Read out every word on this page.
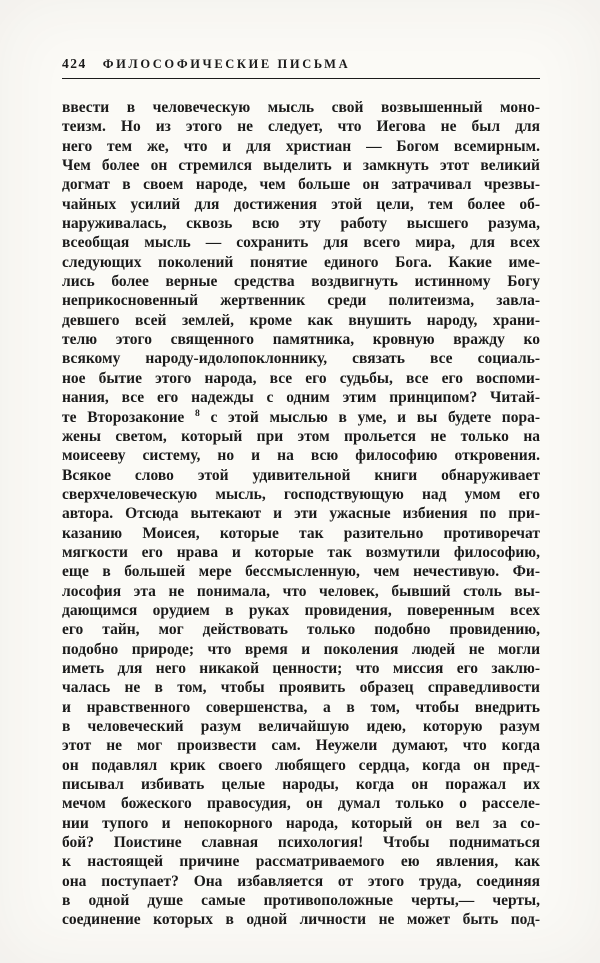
424 ФИЛОСОФИЧЕСКИЕ ПИСЬМА
ввести в человеческую мысль свой возвышенный моно-
теизм. Но из этого не следует, что Иегова не был для
него тем же, что и для христиан — Богом всемирным.
Чем более он стремился выделить и замкнуть этот великий
догмат в своем народе, чем больше он затрачивал чрезвы-
чайных усилий для достижения этой цели, тем более об-
наруживалась, сквозь всю эту работу высшего разума,
всеобщая мысль — сохранить для всего мира, для всех
следующих поколений понятие единого Бога. Какие име-
лись более верные средства воздвигнуть истинному Богу
неприкосновенный жертвенник среди политеизма, завла-
девшего всей землей, кроме как внушить народу, храни-
телю этого священного памятника, кровную вражду ко
всякому народу-идолопоклоннику, связать все социаль-
ное бытие этого народа, все его судьбы, все его воспоми-
нания, все его надежды с одним этим принципом? Читай-
те Второзаконие $^8$ с этой мыслью в уме, и вы будете пора-
жены светом, который при этом прольется не только на
моисееву систему, но и на всю философию откровения.
Всякое слово этой удивительной книги обнаруживает
сверхчеловеческую мысль, господствующую над умом его
автора. Отсюда вытекают и эти ужасные избиения по при-
казанию Моисея, которые так разительно противоречат
мягкости его нрава и которые так возмутили философию,
еще в большей мере бессмысленную, чем нечестивую. Фи-
лософия эта не понимала, что человек, бывший столь вы-
дающимся орудием в руках провидения, поверенным всех
его тайн, мог действовать только подобно провидению,
подобно природе; что время и поколения людей не могли
иметь для него никакой ценности; что миссия его заклю-
чалась не в том, чтобы проявить образец справедливости
и нравственного совершенства, а в том, чтобы внедрить
в человеческий разум величайшую идею, которую разум
этот не мог произвести сам. Неужели думают, что когда
он подавлял крик своего любящего сердца, когда он пред-
писывал избивать целые народы, когда он поражал их
мечом божеского правосудия, он думал только о расселе-
нии тупого и непокорного народа, который он вел за со-
бой? Поистине славная психология! Чтобы подниматься
к настоящей причине рассматриваемого ею явления, как
она поступает? Она избавляется от этого труда, соединяя
в одной душе самые противоположные черты,— черты,
соединение которых в одной личности не может быть под-
